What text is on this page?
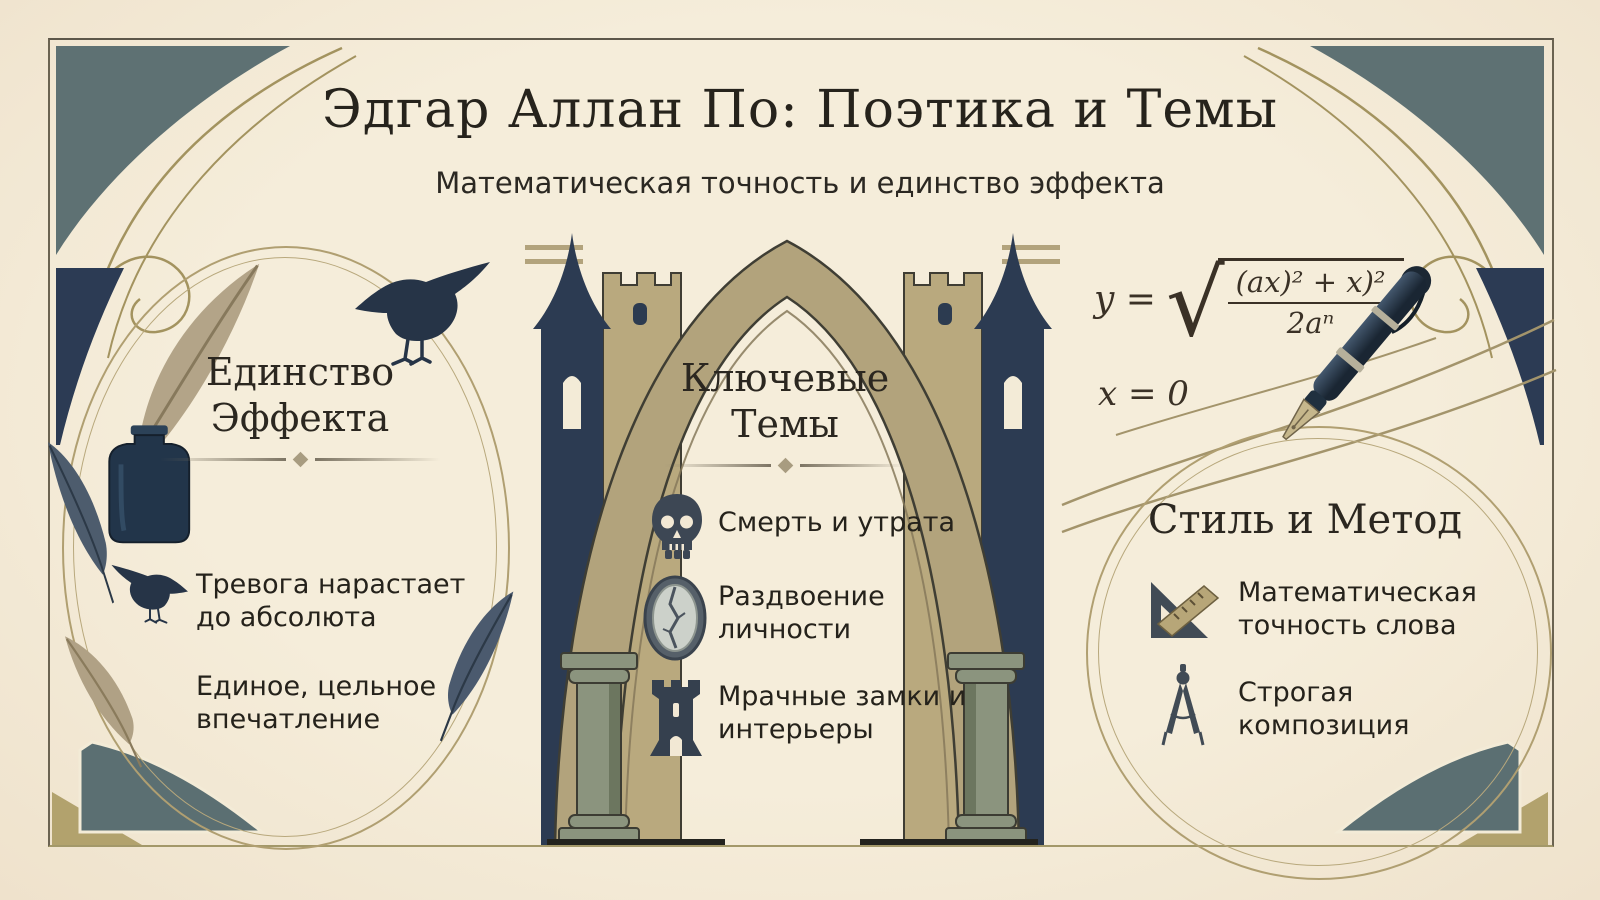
Эдгар Аллан По: Поэтика и Темы
Математическая точность и единство эффекта
Единство Эффекта
Тревога нарастает до абсолюта
Единое, цельное впечатление
Ключевые Темы
Смерть и утрата
Раздвоение личности
Мрачные замки и интерьеры
y = √
$\frac{\text{(ax)² + x)²}}{\text{2aⁿ}}$
x = 0
Стиль и Метод
Математическая точность слова
Строгая композиция
